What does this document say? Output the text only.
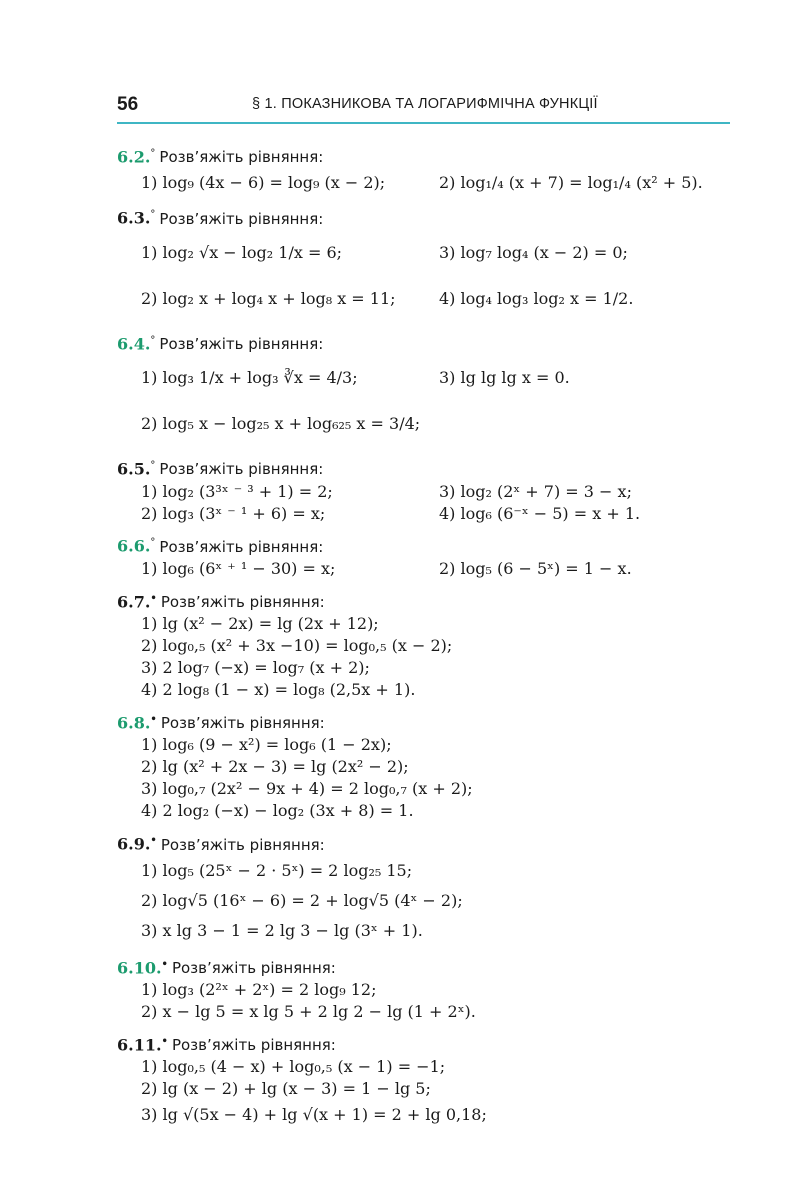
56	§ 1. ПОКАЗНИКОВА ТА ЛОГАРИФМІЧНА ФУНКЦІЇ
6.2.° Розв’яжіть рівняння:
1) log₉ (4x − 6) = log₉ (x − 2);	2) log₁/₄ (x + 7) = log₁/₄ (x² + 5).
6.3.° Розв’яжіть рівняння:
1) log₂ √x − log₂ 1/x = 6;	3) log₇ log₄ (x − 2) = 0;
2) log₂ x + log₄ x + log₈ x = 11;	4) log₄ log₃ log₂ x = 1/2.
6.4.° Розв’яжіть рівняння:
1) log₃ 1/x + log₃ ∛x = 4/3;	3) lg lg lg x = 0.
2) log₅ x − log₂₅ x + log₆₂₅ x = 3/4;
6.5.° Розв’яжіть рівняння:
1) log₂ (3³ˣ ⁻ ³ + 1) = 2;	3) log₂ (2ˣ + 7) = 3 − x;
2) log₃ (3ˣ ⁻ ¹ + 6) = x;	4) log₆ (6⁻ˣ − 5) = x + 1.
6.6.° Розв’яжіть рівняння:
1) log₆ (6ˣ ⁺ ¹ − 30) = x;	2) log₅ (6 − 5ˣ) = 1 − x.
6.7.• Розв’яжіть рівняння:
1) lg (x² − 2x) = lg (2x + 12);
2) log₀,₅ (x² + 3x −10) = log₀,₅ (x − 2);
3) 2 log₇ (−x) = log₇ (x + 2);
4) 2 log₈ (1 − x) = log₈ (2,5x + 1).
6.8.• Розв’яжіть рівняння:
1) log₆ (9 − x²) = log₆ (1 − 2x);
2) lg (x² + 2x − 3) = lg (2x² − 2);
3) log₀,₇ (2x² − 9x + 4) = 2 log₀,₇ (x + 2);
4) 2 log₂ (−x) − log₂ (3x + 8) = 1.
6.9.• Розв’яжіть рівняння:
1) log₅ (25ˣ − 2 · 5ˣ) = 2 log₂₅ 15;
2) log√5 (16ˣ − 6) = 2 + log√5 (4ˣ − 2);
3) x lg 3 − 1 = 2 lg 3 − lg (3ˣ + 1).
6.10.• Розв’яжіть рівняння:
1) log₃ (2²ˣ + 2ˣ) = 2 log₉ 12;
2) x − lg 5 = x lg 5 + 2 lg 2 − lg (1 + 2ˣ).
6.11.• Розв’яжіть рівняння:
1) log₀,₅ (4 − x) + log₀,₅ (x − 1) = −1;
2) lg (x − 2) + lg (x − 3) = 1 − lg 5;
3) lg √(5x − 4) + lg √(x + 1) = 2 + lg 0,18;
